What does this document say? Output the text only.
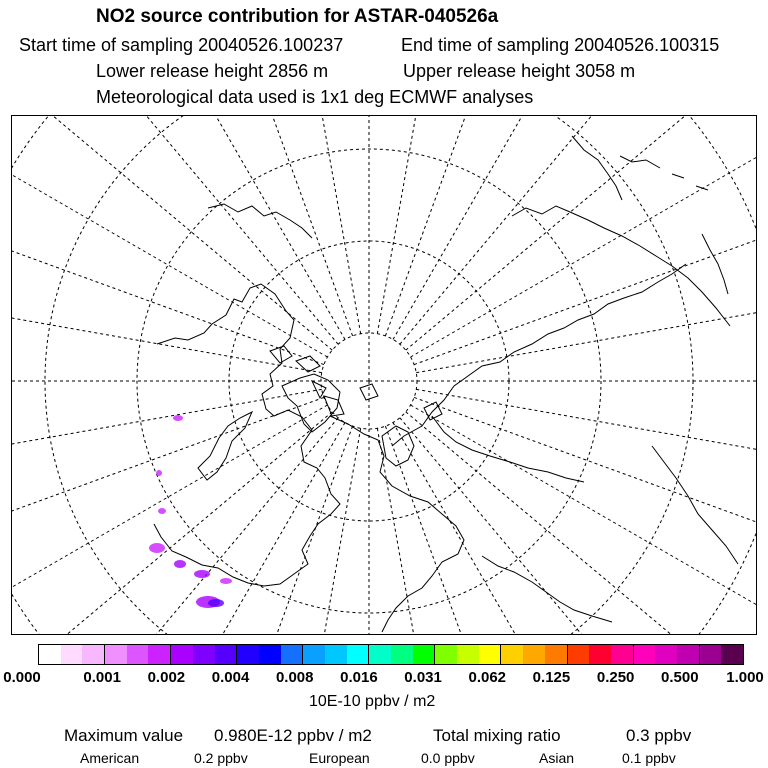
NO2 source contribution for ASTAR-040526a
Start time of sampling 20040526.100237	End time of sampling 20040526.100315
Lower release height 2856 m	Upper release height 3058 m
Meteorological data used is 1x1 deg ECMWF analyses
0.000	0.001 0.002 0.004 0.008 0.016 0.031 0.062 0.125 0.250 0.500 1.000
10E-10 ppbv / m2
Maximum value 0.980E-12 ppbv / m2	Total mixing ratio	0.3 ppbv
American	0.2 ppbv	European	0.0 ppbv	Asian	0.1 ppbv
